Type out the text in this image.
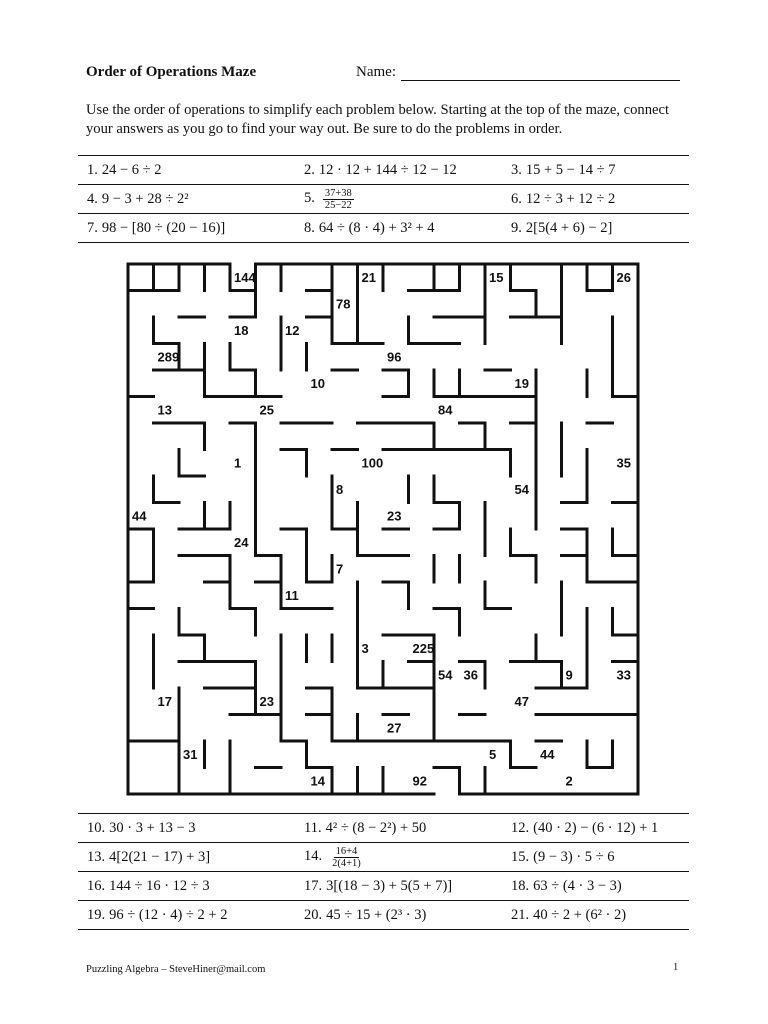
Order of Operations Maze	Name:
Use the order of operations to simplify each problem below. Starting at the top of the maze, connect your answers as you go to find your way out. Be sure to do the problems in order.
1. 24 − 6 ÷ 2	2. 12 · 12 + 144 ÷ 12 − 12	3. 15 + 5 − 14 ÷ 7
4. 9 − 3 + 28 ÷ 2²	5. $\frac{37+38}{25-22}$	6. 12 ÷ 3 + 12 ÷ 2
7. 98 − [80 ÷ (20 − 16)]	8. 64 ÷ (8 · 4) + 3² + 4	9. 2[5(4 + 6) − 2]
144	21	15	26
78
18	12
289	96
10	19
13	25	84
1	100	35
8	54
44	23
24
7
11
3	225
54 36	9	33
17	23	47
27
31	5	44
14	92	2
10. 30 · 3 + 13 − 3	11. 4² ÷ (8 − 2²) + 50	12. (40 · 2) − (6 · 12) + 1
13. 4[2(21 − 17) + 3]	14. $\frac{16+4}{2(4+1)}$	15. (9 − 3) · 5 ÷ 6
16. 144 ÷ 16 · 12 ÷ 3	17. 3[(18 − 3) + 5(5 + 7)]	18. 63 ÷ (4 · 3 − 3)
19. 96 ÷ (12 · 4) ÷ 2 + 2	20. 45 ÷ 15 + (2³ · 3)	21. 40 ÷ 2 + (6² · 2)
Puzzling Algebra – SteveHiner@mail.com	1
